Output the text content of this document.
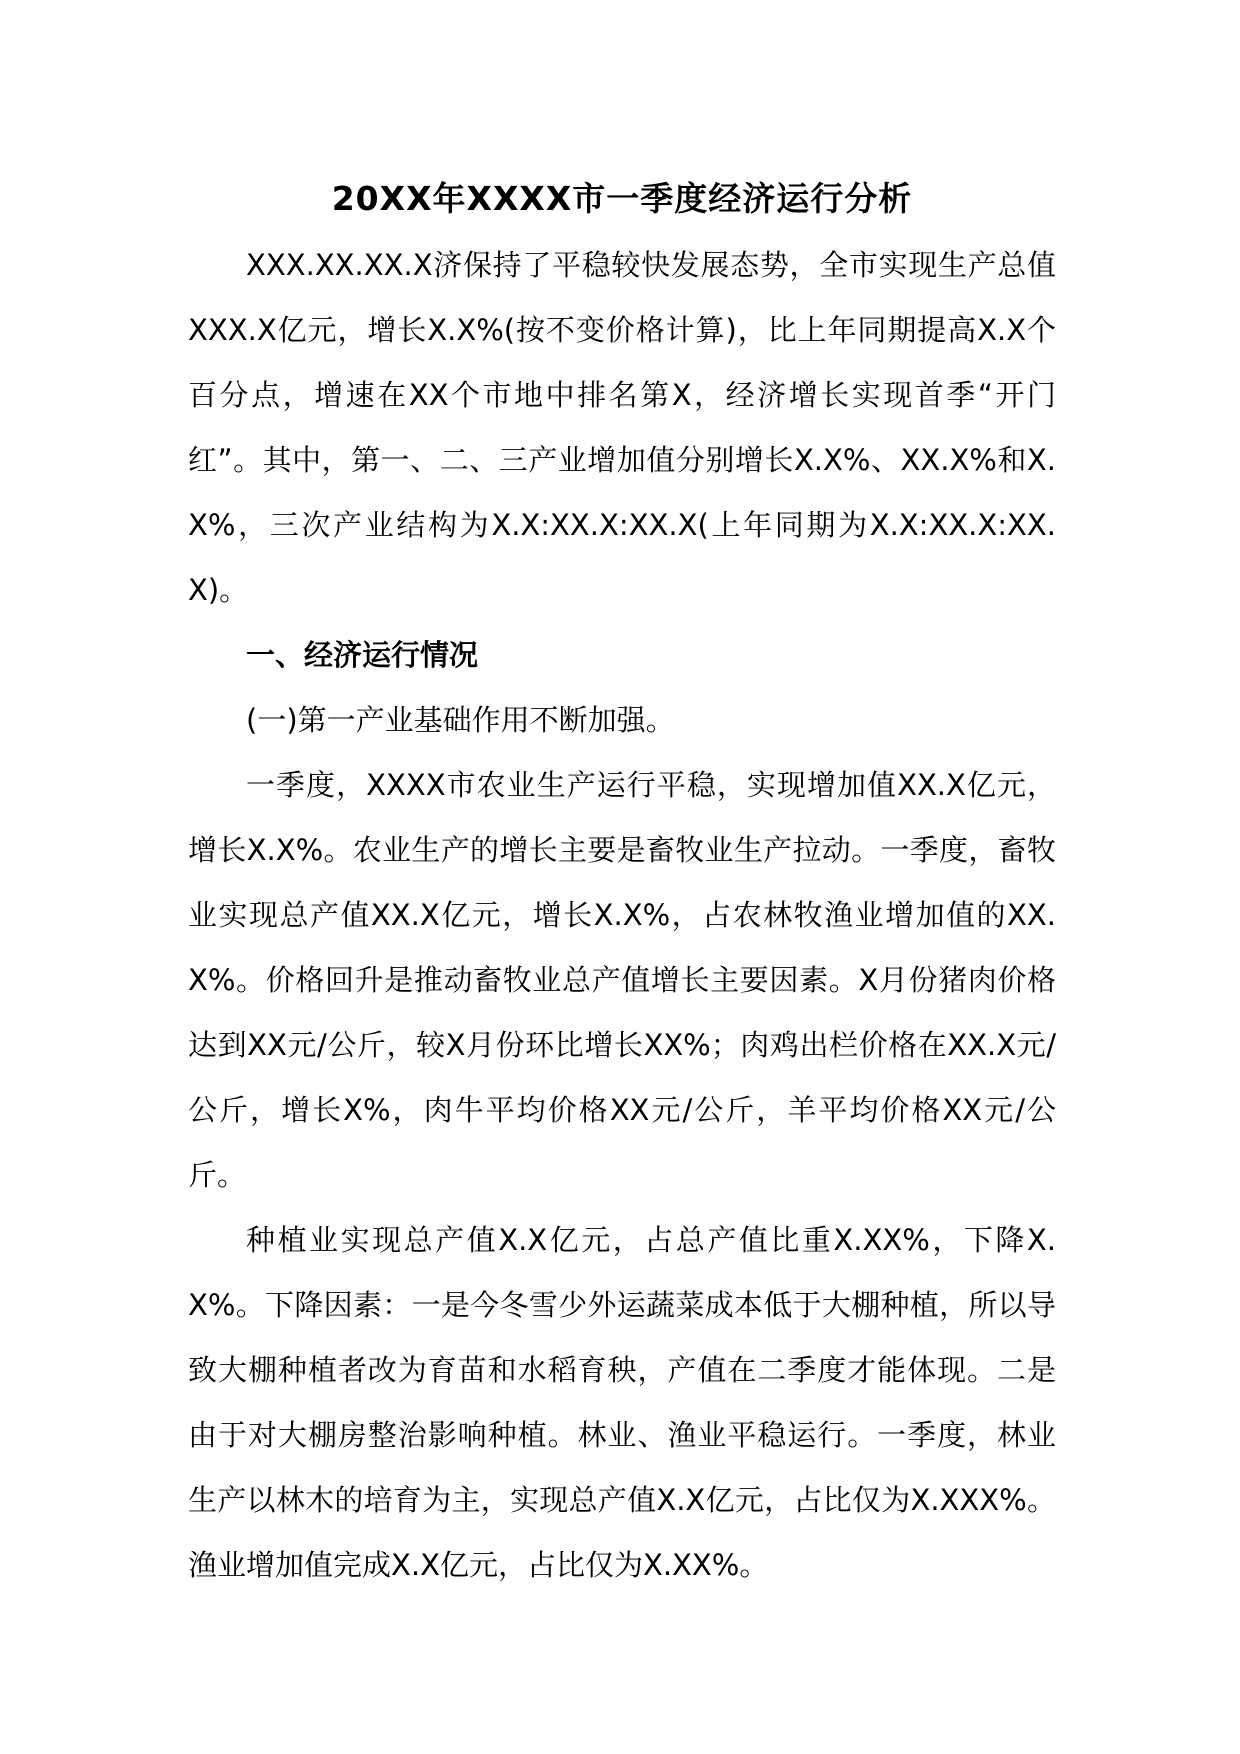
20XX年XXXX市一季度经济运行分析

XXX.XX.XX.X济保持了平稳较快发展态势，全市实现生产总值XXX.X亿元，增长X.X%(按不变价格计算)，比上年同期提高X.X个百分点，增速在XX个市地中排名第X，经济增长实现首季“开门红”。其中，第一、二、三产业增加值分别增长X.X%、XX.X%和X.X%，三次产业结构为X.X:XX.X:XX.X(上年同期为X.X:XX.X:XX.X)。

一、经济运行情况

(一)第一产业基础作用不断加强。

一季度，XXXX市农业生产运行平稳，实现增加值XX.X亿元，增长X.X%。农业生产的增长主要是畜牧业生产拉动。一季度，畜牧业实现总产值XX.X亿元，增长X.X%，占农林牧渔业增加值的XX.X%。价格回升是推动畜牧业总产值增长主要因素。X月份猪肉价格达到XX元/公斤，较X月份环比增长XX%；肉鸡出栏价格在XX.X元/公斤，增长X%，肉牛平均价格XX元/公斤，羊平均价格XX元/公斤。

种植业实现总产值X.X亿元，占总产值比重X.XX%，下降X.X%。下降因素：一是今冬雪少外运蔬菜成本低于大棚种植，所以导致大棚种植者改为育苗和水稻育秧，产值在二季度才能体现。二是由于对大棚房整治影响种植。林业、渔业平稳运行。一季度，林业生产以林木的培育为主，实现总产值X.X亿元，占比仅为X.XXX%。渔业增加值完成X.X亿元，占比仅为X.XX%。
